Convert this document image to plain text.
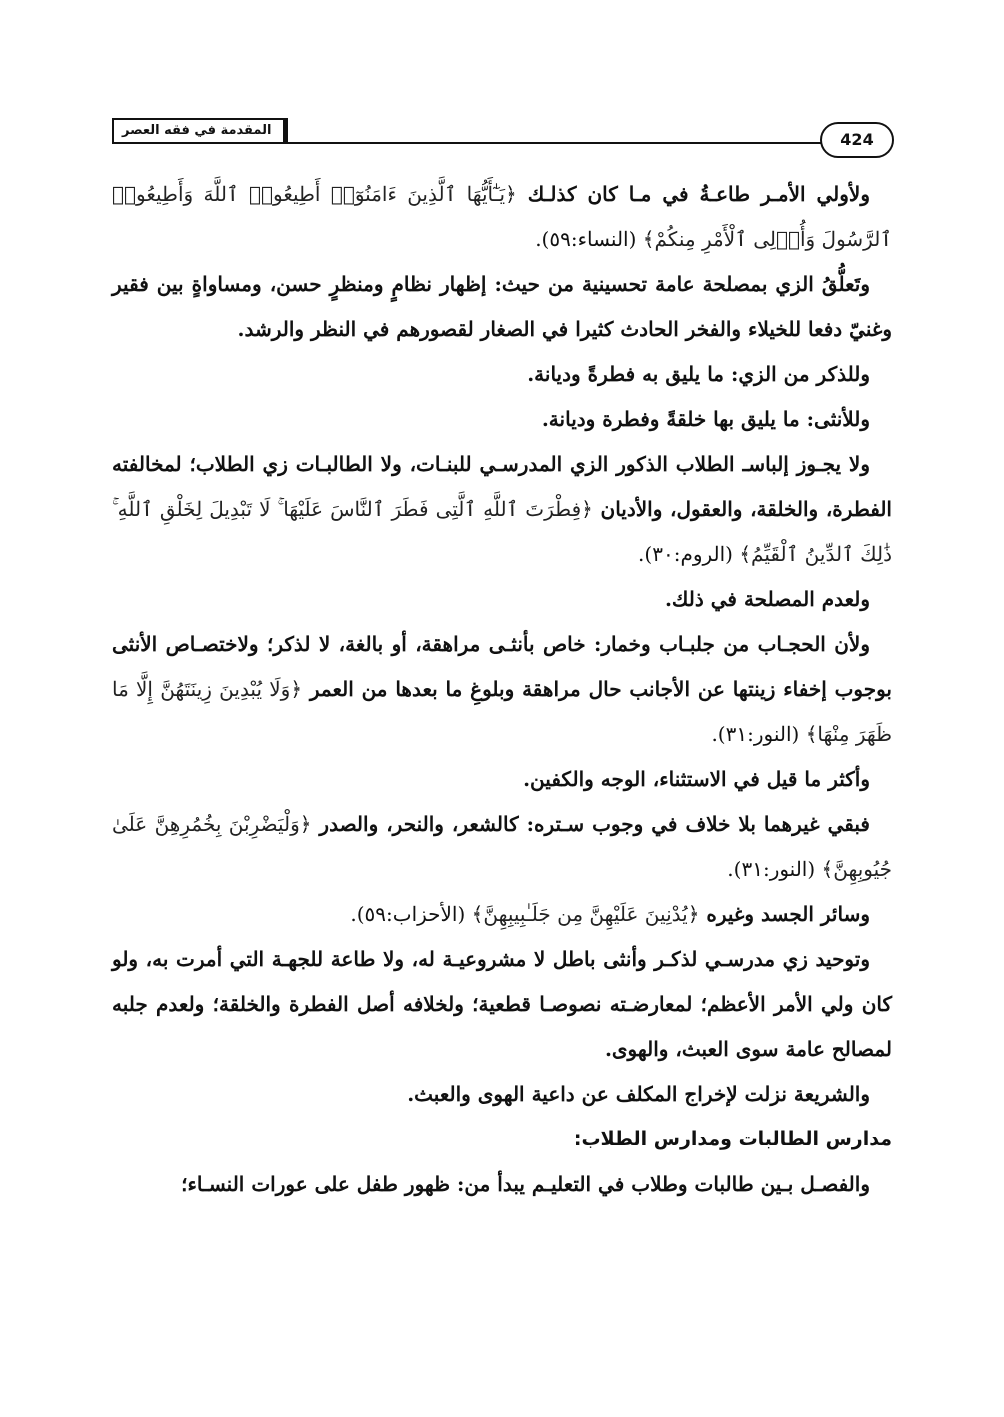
المقدمة في فقه العصر	424

ولأولي الأمـر طاعـةُ في مـا كان كذلـك ﴿يَـٰٓأَيُّهَا ٱلَّذِينَ ءَامَنُوٓا۟ أَطِيعُوا۟ ٱللَّهَ وَأَطِيعُوا۟ ٱلرَّسُولَ وَأُو۟لِى ٱلْأَمْرِ مِنكُمْ﴾ (النساء:٥٩).

وتَعلُّقُ الزي بمصلحة عامة تحسينية من حيث: إظهار نظامٍ ومنظرٍ حسن، ومساواةٍ بين فقير وغنيّ دفعا للخيلاء والفخر الحادث كثيرا في الصغار لقصورهم في النظر والرشد.

وللذكر من الزي: ما يليق به فطرةً وديانة.

وللأنثى: ما يليق بها خلقةً وفطرة وديانة.

ولا يجـوز إلباسـ الطلاب الذكور الزي المدرسـي للبنـات، ولا الطالبـات زي الطلاب؛ لمخالفته الفطرة، والخلقة، والعقول، والأديان ﴿فِطْرَتَ ٱللَّهِ ٱلَّتِى فَطَرَ ٱلنَّاسَ عَلَيْهَا ۚ لَا تَبْدِيلَ لِخَلْقِ ٱللَّهِ ۚ ذَٰلِكَ ٱلدِّينُ ٱلْقَيِّمُ﴾ (الروم:٣٠).

ولعدم المصلحة في ذلك.

ولأن الحجـاب من جلبـاب وخمار: خاص بأنثـى مراهقة، أو بالغة، لا لذكر؛ ولاختصـاص الأنثى بوجوب إخفاء زينتها عن الأجانب حال مراهقة وبلوغِ ما بعدها من العمر ﴿وَلَا يُبْدِينَ زِينَتَهُنَّ إِلَّا مَا ظَهَرَ مِنْهَا﴾ (النور:٣١).

وأكثر ما قيل في الاستثناء، الوجه والكفين.

فبقي غيرهما بلا خلاف في وجوب سـتره: كالشعر، والنحر، والصدر ﴿وَلْيَضْرِبْنَ بِخُمُرِهِنَّ عَلَىٰ جُيُوبِهِنَّ﴾ (النور:٣١).

وسائر الجسد وغيره ﴿يُدْنِينَ عَلَيْهِنَّ مِن جَلَـٰبِيبِهِنَّ﴾ (الأحزاب:٥٩).

وتوحيد زي مدرسـي لذكـر وأنثى باطل لا مشروعيـة له، ولا طاعة للجهـة التي أمرت به، ولو كان ولي الأمر الأعظم؛ لمعارضـته نصوصـا قطعية؛ ولخلافه أصل الفطرة والخلقة؛ ولعدم جلبه لمصالح عامة سوى العبث، والهوى.

والشريعة نزلت لإخراج المكلف عن داعية الهوى والعبث.

مدارس الطالبات ومدارس الطلاب:

والفصـل بـين طالبات وطلاب في التعليـم يبدأ من: ظهور طفل على عورات النسـاء؛
